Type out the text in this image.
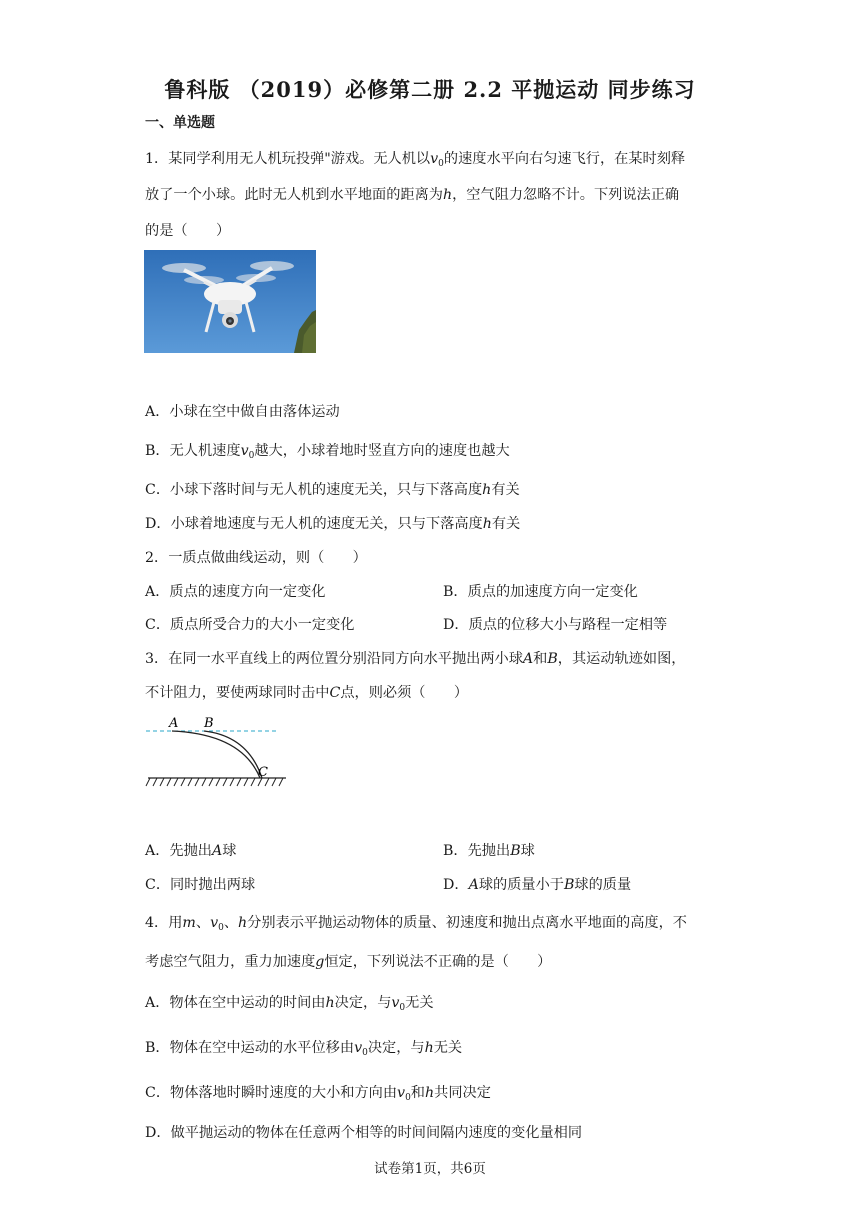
鲁科版 （2019）必修第二册 2.2 平抛运动 同步练习
一、单选题
1．某同学利用无人机玩投弹"游戏。无人机以$v_0$的速度水平向右匀速飞行，在某时刻释
放了一个小球。此时无人机到水平地面的距离为h，空气阻力忽略不计。下列说法正确
的是（　　）
A．小球在空中做自由落体运动
B．无人机速度$v_0$越大，小球着地时竖直方向的速度也越大
C．小球下落时间与无人机的速度无关，只与下落高度h有关
D．小球着地速度与无人机的速度无关，只与下落高度h有关
2．一质点做曲线运动，则（　　）
A．质点的速度方向一定变化	B．质点的加速度方向一定变化
C．质点所受合力的大小一定变化	D．质点的位移大小与路程一定相等
3．在同一水平直线上的两位置分别沿同方向水平抛出两小球A和B，其运动轨迹如图，
不计阻力，要使两球同时击中C点，则必须（　　）
A B
C
A．先抛出A球	B．先抛出B球
C．同时抛出两球	D．A球的质量小于B球的质量
4．用m、$v_0$、h分别表示平抛运动物体的质量、初速度和抛出点离水平地面的高度，不
考虑空气阻力，重力加速度g恒定，下列说法不正确的是（　　）
A．物体在空中运动的时间由h决定，与$v_0$无关
B．物体在空中运动的水平位移由$v_0$决定，与h无关
C．物体落地时瞬时速度的大小和方向由$v_0$和h共同决定
D．做平抛运动的物体在任意两个相等的时间间隔内速度的变化量相同
试卷第1页，共6页
